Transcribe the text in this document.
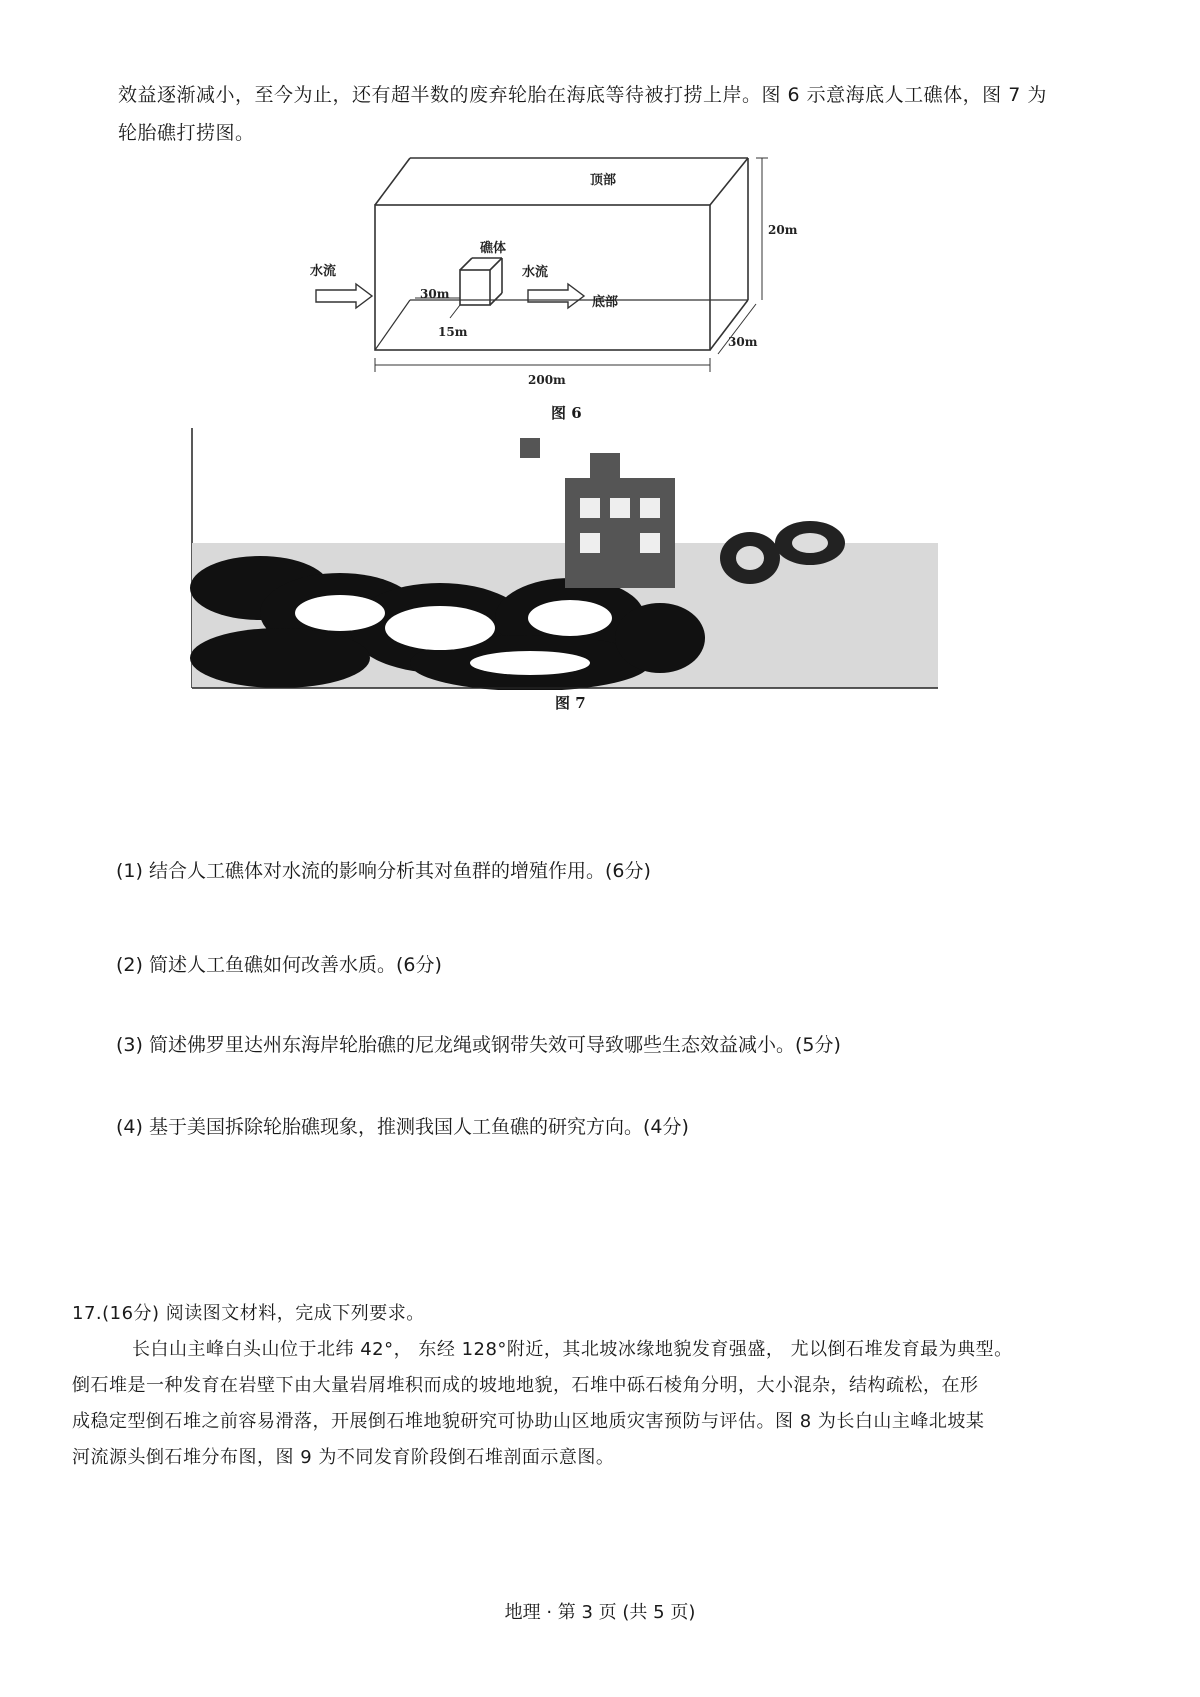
效益逐渐减小，至今为止，还有超半数的废弃轮胎在海底等待被打捞上岸。图 6 示意海底人工礁体，图 7 为
轮胎礁打捞图。
顶部
20m
礁体
水流	水流
30m
底部
15m
30m
200m
图 6
图 7
(1) 结合人工礁体对水流的影响分析其对鱼群的增殖作用。(6分)
(2) 简述人工鱼礁如何改善水质。(6分)
(3) 简述佛罗里达州东海岸轮胎礁的尼龙绳或钢带失效可导致哪些生态效益减小。(5分)
(4) 基于美国拆除轮胎礁现象，推测我国人工鱼礁的研究方向。(4分)
17.(16分) 阅读图文材料，完成下列要求。
长白山主峰白头山位于北纬 42°， 东经 128°附近，其北坡冰缘地貌发育强盛， 尤以倒石堆发育最为典型。
倒石堆是一种发育在岩壁下由大量岩屑堆积而成的坡地地貌，石堆中砾石棱角分明，大小混杂，结构疏松，在形
成稳定型倒石堆之前容易滑落，开展倒石堆地貌研究可协助山区地质灾害预防与评估。图 8 为长白山主峰北坡某
河流源头倒石堆分布图，图 9 为不同发育阶段倒石堆剖面示意图。
地理 · 第 3 页 (共 5 页)
